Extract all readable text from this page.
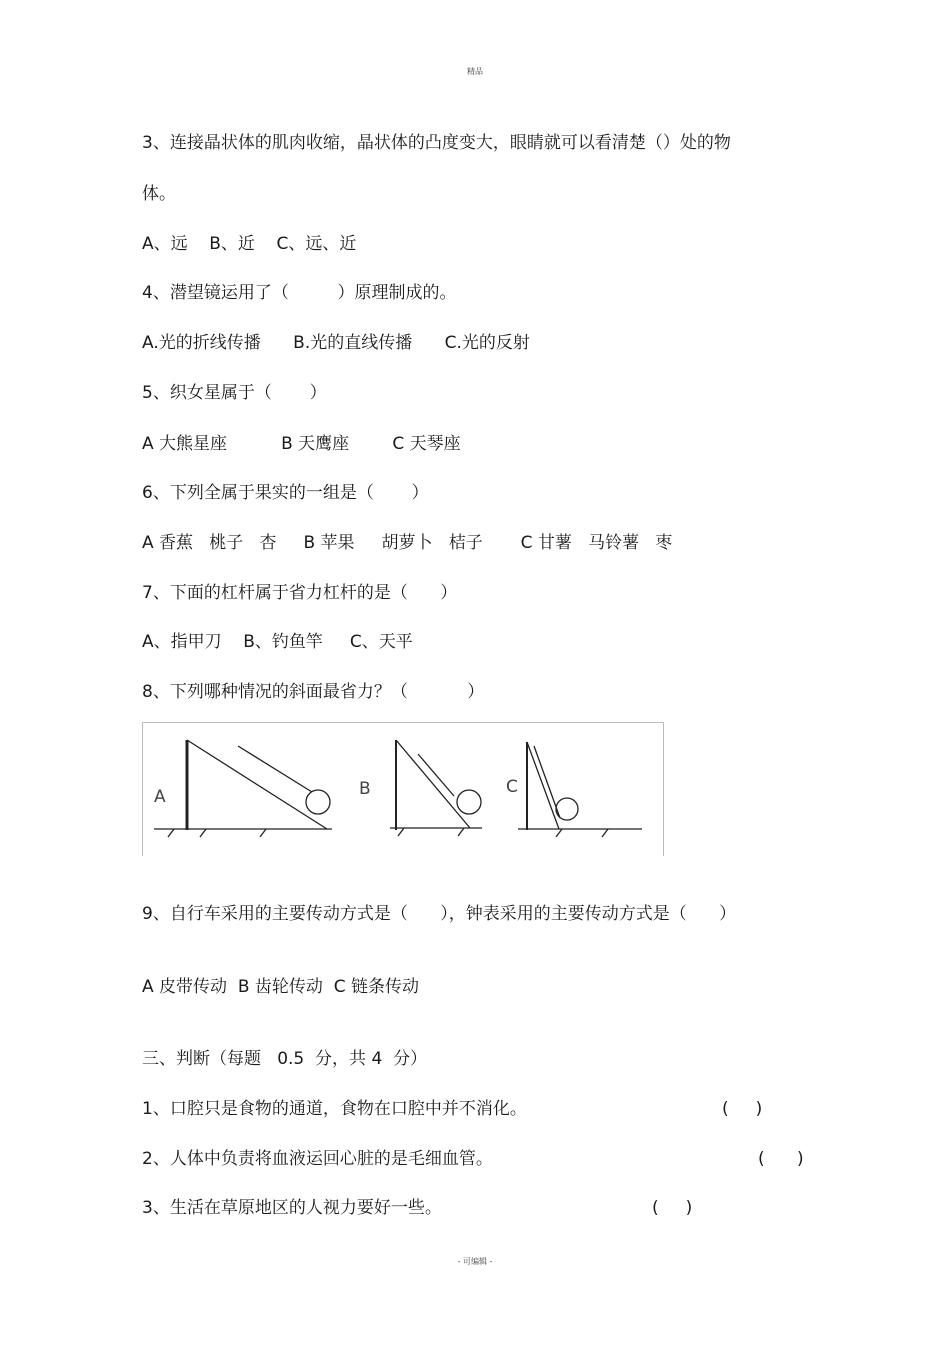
精品
3、连接晶状体的肌肉收缩，晶状体的凸度变大，眼睛就可以看清楚（）处的物
体。
A、远    B、近    C、远、近
4、潜望镜运用了（         ）原理制成的。
A.光的折线传播      B.光的直线传播      C.光的反射
5、织女星属于（       ）
A 大熊星座          B 天鹰座        C 天琴座
6、下列全属于果实的一组是（       ）
A 香蕉   桃子   杏     B 苹果     胡萝卜   桔子       C 甘薯   马铃薯   枣
7、下面的杠杆属于省力杠杆的是（      ）
A、指甲刀    B、钓鱼竿     C、天平
8、下列哪种情况的斜面最省力？（           ）
A	B	C
9、自行车采用的主要传动方式是（      ），钟表采用的主要传动方式是（      ）
A 皮带传动  B 齿轮传动  C 链条传动
三、判断（每题   0.5  分，共 4  分）
1、口腔只是食物的通道，食物在口腔中并不消化。	(     )
2、人体中负责将血液运回心脏的是毛细血管。	(      )
3、生活在草原地区的人视力要好一些。	(     )
- 可编辑 -
